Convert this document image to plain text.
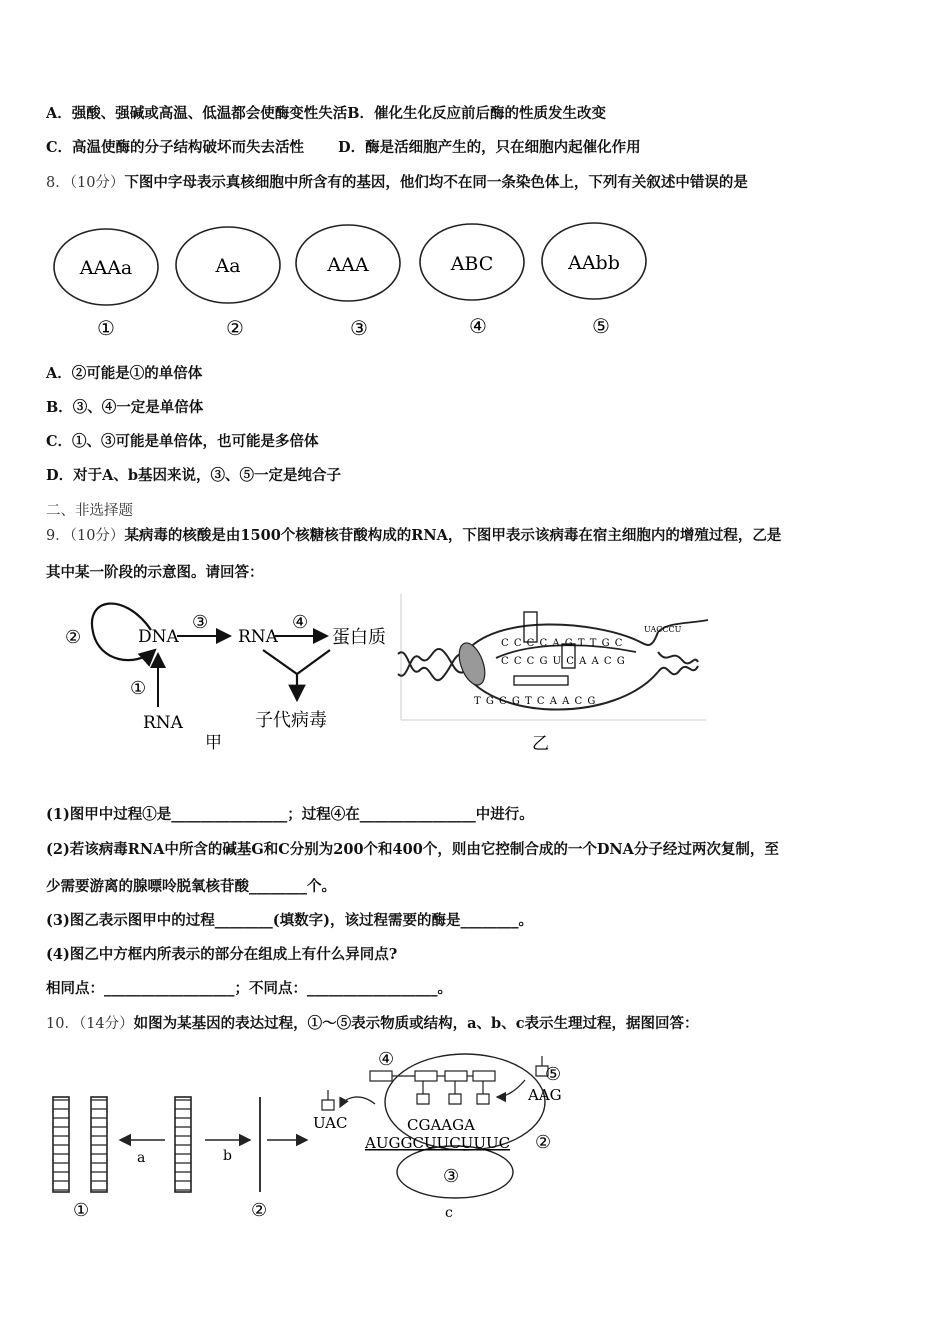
A．强酸、强碱或高温、低温都会使酶变性失活B．催化生化反应前后酶的性质发生改变
C．高温使酶的分子结构破坏而失去活性 D．酶是活细胞产生的，只在细胞内起催化作用
8．（10分）下图中字母表示真核细胞中所含有的基因，他们均不在同一条染色体上，下列有关叙述中错误的是
AAAa
①
Aa
②
AAA
③
ABC
④
AAbb
⑤
A．②可能是①的单倍体
B．③、④一定是单倍体
C．①、③可能是单倍体，也可能是多倍体
D．对于A、b基因来说，③、⑤一定是纯合子
二、非选择题
9．（10分）某病毒的核酸是由1500个核糖核苷酸构成的RNA，下图甲表示该病毒在宿主细胞内的增殖过程，乙是
其中某一阶段的示意图。请回答：
②	DNA
③
RNA
④
蛋白质
子代病毒
①
RNA
甲
C C C C A G T T G C
C C C G U C A A C G
T G C G T C A A C G
UACCCU
乙
(1)图甲中过程①是________________；过程④在________________中进行。
(2)若该病毒RNA中所含的碱基G和C分别为200个和400个，则由它控制合成的一个DNA分子经过两次复制，至
少需要游离的腺嘌呤脱氧核苷酸________个。
(3)图乙表示图甲中的过程________(填数字)，该过程需要的酶是________。
(4)图乙中方框内所表示的部分在组成上有什么异同点?
相同点：__________________；不同点：__________________。
10．（14分）如图为某基因的表达过程，①～⑤表示物质或结构，a、b、c表示生理过程，据图回答：
a	b
①	②
④
⑤
UAC
AAG
CGAAGA
AUGGCUUCUUUC ②
③
c
